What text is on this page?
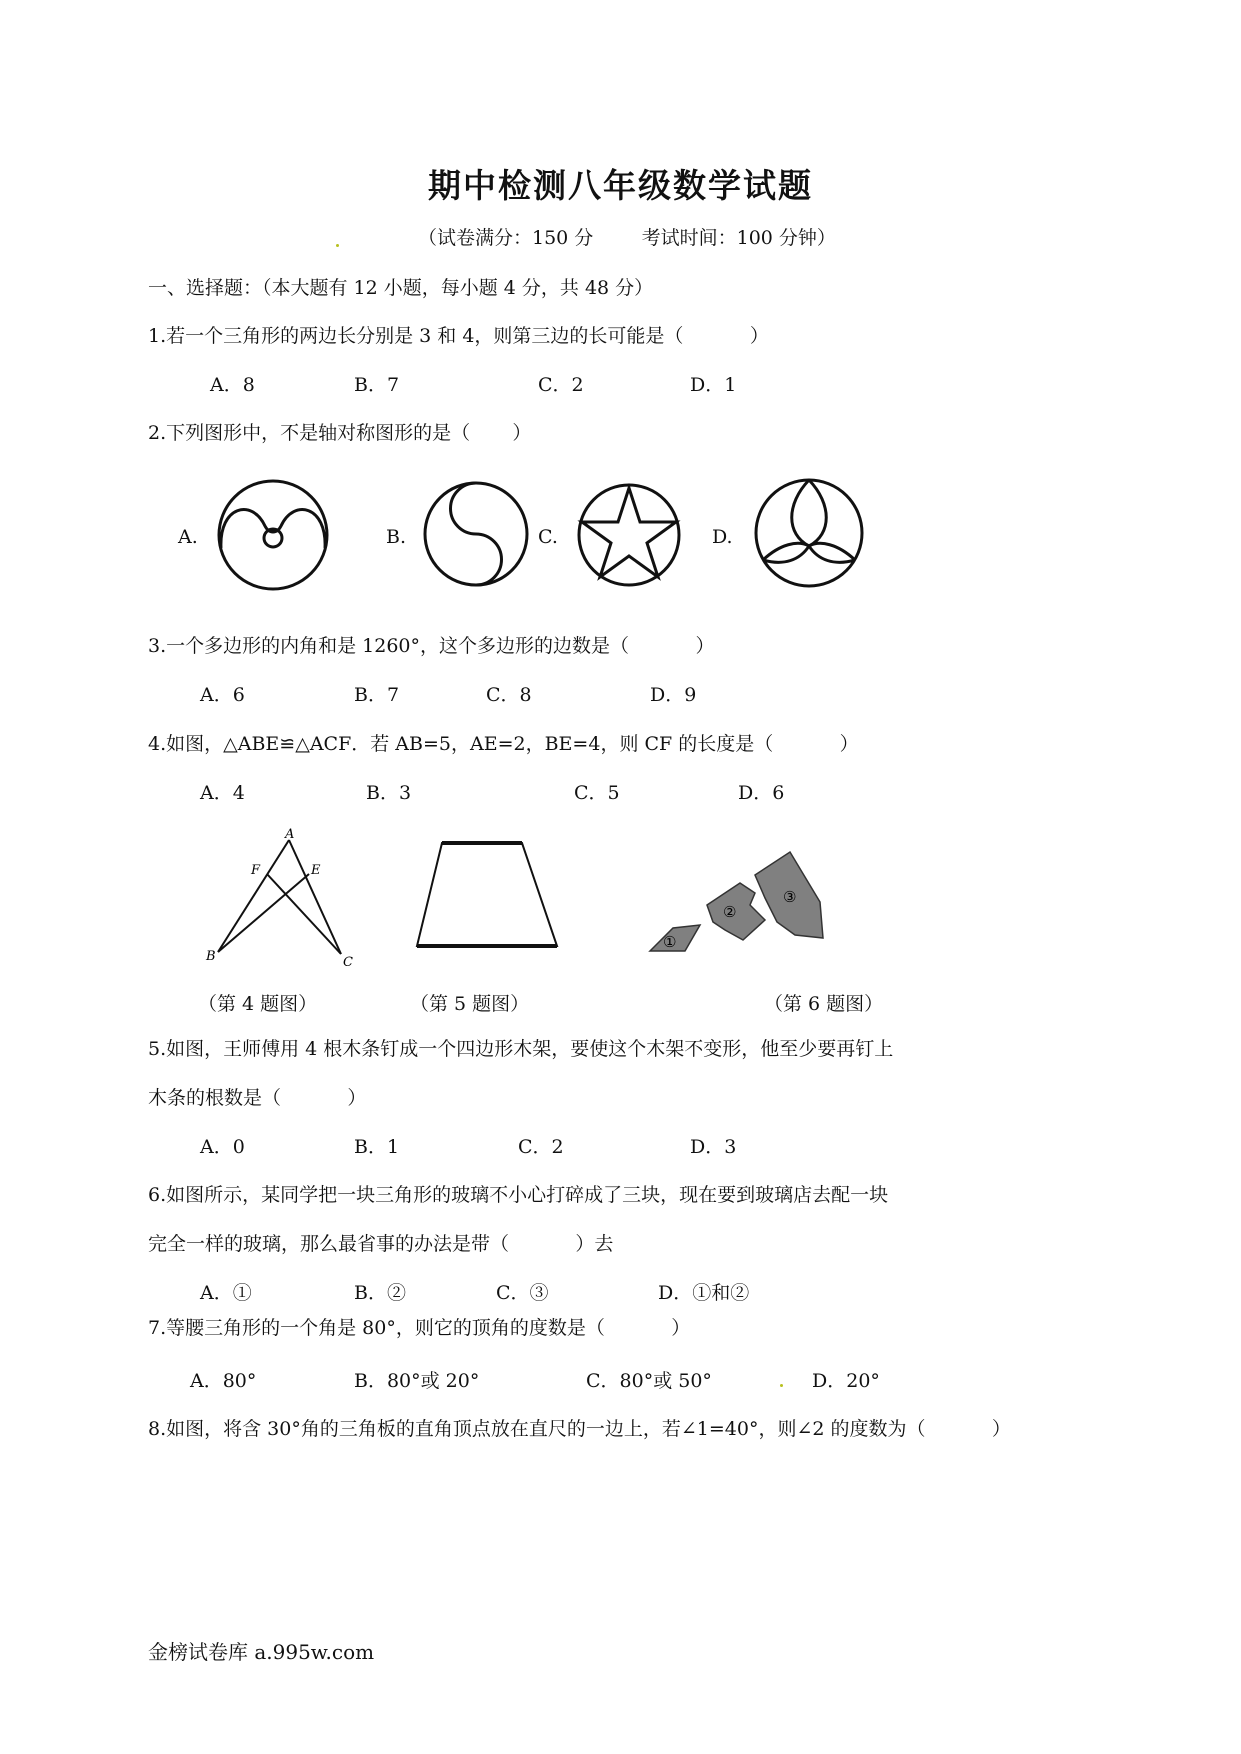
期中检测八年级数学试题
（试卷满分：150 分        考试时间：100 分钟）
一、选择题：（本大题有 12 小题，每小题 4 分，共 48 分）
1.若一个三角形的两边长分别是 3 和 4，则第三边的长可能是（           ）
A．8	B．7	C．2	D．1
2.下列图形中，不是轴对称图形的是（       ）
A.	B.	C.	D.
3.一个多边形的内角和是 1260°，这个多边形的边数是（           ）
A．6	B．7	C．8	D．9
4.如图，△ABE≌△ACF．若 AB=5，AE=2，BE=4，则 CF 的长度是（           ）
A．4	B．3	C．5	D．6
A
F	E
B	C
①
②
③
（第 4 题图）	（第 5 题图）	（第 6 题图）
5.如图，王师傅用 4 根木条钉成一个四边形木架，要使这个木架不变形，他至少要再钉上
木条的根数是（           ）
A．0	B．1	C．2	D．3
6.如图所示，某同学把一块三角形的玻璃不小心打碎成了三块，现在要到玻璃店去配一块
完全一样的玻璃，那么最省事的办法是带（           ）去
A．①	B．②	C．③	D．①和②
7.等腰三角形的一个角是 80°，则它的顶角的度数是（           ）
A．80°	B．80°或 20°	C．80°或 50°	D．20°
8.如图，将含 30°角的三角板的直角顶点放在直尺的一边上，若∠1=40°，则∠2 的度数为（           ）
金榜试卷库 a.995w.com
